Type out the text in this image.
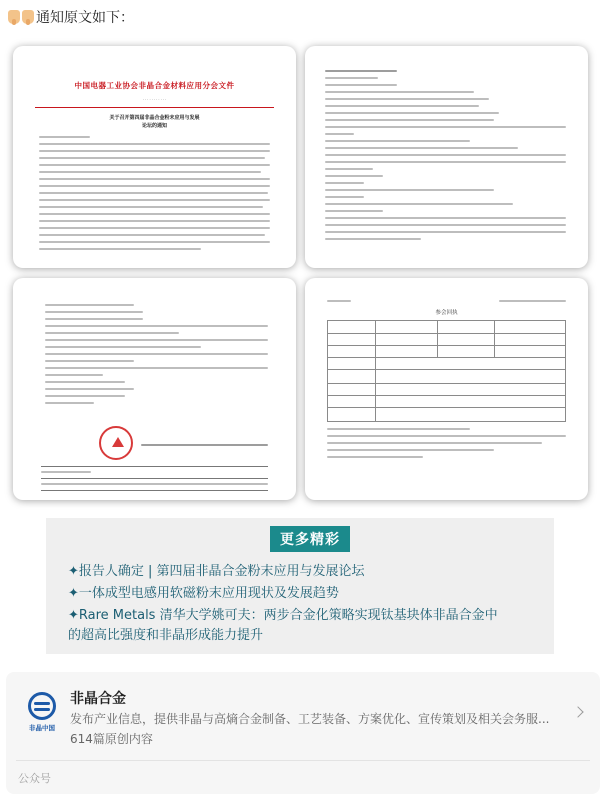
通知原文如下：
中国电器工业协会非晶合金材料应用分会文件
· · · · · · · · · · ·
关于召开第四届非晶合金粉末应用与发展
论坛的通知
参会回执
更多精彩
✦报告人确定 | 第四届非晶合金粉末应用与发展论坛
✦一体成型电感用软磁粉末应用现状及发展趋势
✦Rare Metals 清华大学姚可夫：两步合金化策略实现钛基块体非晶合金中
的超高比强度和非晶形成能力提升
非晶中国
非晶合金
发布产业信息，提供非晶与高熵合金制备、工艺装备、方案优化、宣传策划及相关会务服...
614篇原创内容
公众号
